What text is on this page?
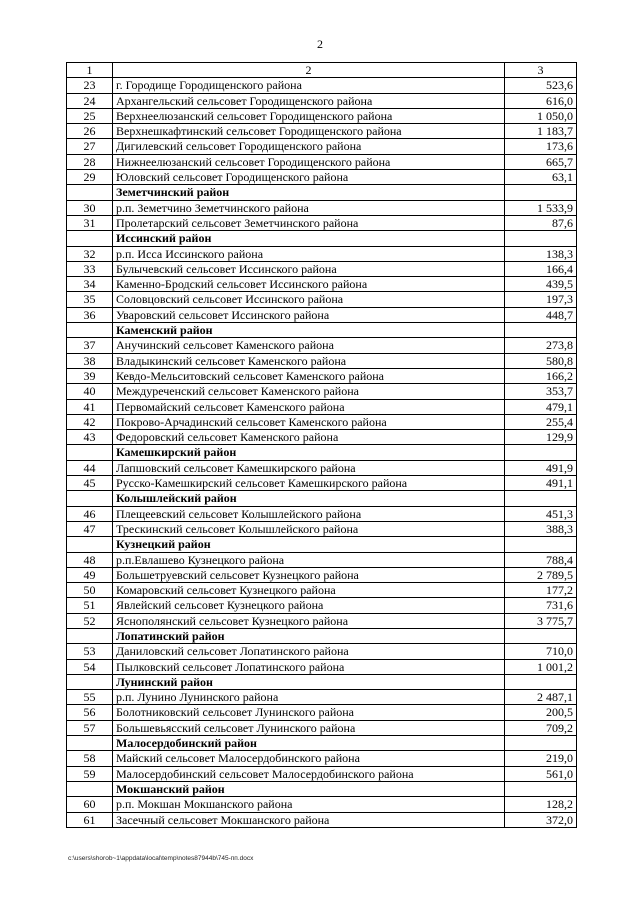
2
1	2	3
23	г. Городище Городищенского района	523,6
24	Архангельский сельсовет Городищенского района	616,0
25	Верхнеелюзанский сельсовет Городищенского района	1 050,0
26	Верхнешкафтинский сельсовет Городищенского района	1 183,7
27	Дигилевский сельсовет Городищенского района	173,6
28	Нижнеелюзанский сельсовет Городищенского района	665,7
29	Юловский сельсовет Городищенского района	63,1
	Земетчинский район	
30	р.п. Земетчино Земетчинского района	1 533,9
31	Пролетарский сельсовет Земетчинского района	87,6
	Иссинский район	
32	р.п. Исса Иссинского района	138,3
33	Булычевский сельсовет Иссинского района	166,4
34	Каменно-Бродский сельсовет Иссинского района	439,5
35	Соловцовский сельсовет Иссинского района	197,3
36	Уваровский сельсовет Иссинского района	448,7
	Каменский район	
37	Анучинский сельсовет Каменского района	273,8
38	Владыкинский сельсовет Каменского района	580,8
39	Кевдо-Мельситовский сельсовет Каменского района	166,2
40	Междуреченский сельсовет Каменского района	353,7
41	Первомайский сельсовет Каменского района	479,1
42	Покрово-Арчадинский сельсовет Каменского района	255,4
43	Федоровский сельсовет Каменского района	129,9
	Камешкирский район	
44	Лапшовский сельсовет Камешкирского района	491,9
45	Русско-Камешкирский сельсовет Камешкирского района	491,1
	Колышлейский район	
46	Плещеевский сельсовет Колышлейского района	451,3
47	Трескинский сельсовет Колышлейского района	388,3
	Кузнецкий район	
48	р.п.Евлашево Кузнецкого района	788,4
49	Большетруевский сельсовет Кузнецкого района	2 789,5
50	Комаровский сельсовет Кузнецкого района	177,2
51	Явлейский сельсовет Кузнецкого района	731,6
52	Яснополянский сельсовет Кузнецкого района	3 775,7
	Лопатинский район	
53	Даниловский сельсовет Лопатинского района	710,0
54	Пылковский сельсовет Лопатинского района	1 001,2
	Лунинский район	
55	р.п. Лунино Лунинского района	2 487,1
56	Болотниковский сельсовет Лунинского района	200,5
57	Большевьясский сельсовет Лунинского района	709,2
	Малосердобинский район	
58	Майский сельсовет Малосердобинского района	219,0
59	Малосердобинский сельсовет Малосердобинского района	561,0
	Мокшанский район	
60	р.п. Мокшан Мокшанского района	128,2
61	Засечный сельсовет Мокшанского района	372,0
c:\users\shorob~1\appdata\local\temp\notes87944b\745-пп.docx
